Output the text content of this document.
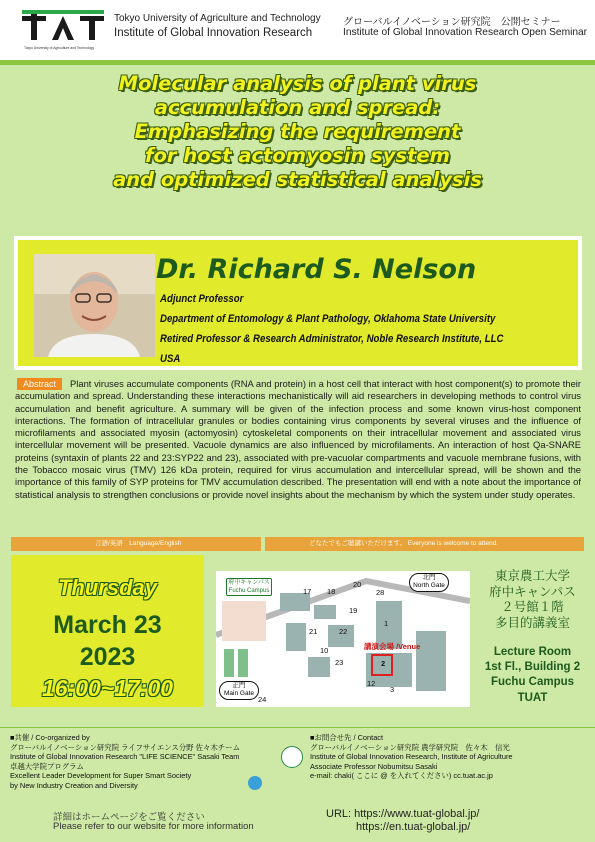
Tokyo University of Agriculture and Technology
Tokyo University of Agriculture and Technology
Institute of Global Innovation Research
グローバルイノベーション研究院　公開セミナー
Institute of Global Innovation Research Open Seminar
Molecular analysis of plant virus
accumulation and spread:
Emphasizing the requirement
for host actomyosin system
and optimized statistical analysis
Dr. Richard S. Nelson
Adjunct Professor
Department of Entomology & Plant Pathology, Oklahoma State University
Retired Professor & Research Administrator, Noble Research Institute, LLC
USA
Abstract Plant viruses accumulate components (RNA and protein) in a host cell that interact with host component(s) to promote their accumulation and spread. Understanding these interactions mechanistically will aid researchers in developing methods to control virus accumulation and benefit agriculture. A summary will be given of the infection process and some known virus-host component interactions. The formation of intracellular granules or bodies containing virus components by several viruses and the influence of microfilaments and associated myosin (actomyosin) cytoskeletal components on their intracellular movement and associated virus intercellular movement will be presented. Vacuole dynamics are also influenced by microfilaments. An interaction of host Qa-SNARE proteins (syntaxin of plants 22 and 23:SYP22 and 23), associated with pre-vacuolar compartments and vacuole membrane fusions, with the Tobacco mosaic virus (TMV) 126 kDa protein, required for virus accumulation and intercellular spread, will be shown and the importance of this family of SYP proteins for TMV accumulation described. The presentation will end with a note about the importance of statistical analysis to strengthen conclusions or provide novel insights about the mechanism by which the system under study operates.
言語/英語　Language/English	どなたでもご聴講いただけます。 Everyone is welcome to attend.
Thursday
March 23
2023
16:00~17:00
府中キャンパス
Fuchu Campus
北門
North Gate
正門
Main Gate
講演会場 /Venue
17 18
20
28
19
1
21	22
2
10
23
12
3
24
東京農工大学
府中キャンパス
２号館１階
多目的講義室
Lecture Room
1st Fl., Building 2
Fuchu Campus
TUAT
■共催 / Co-organized by
グローバルイノベーション研究院 ライフサイエンス分野 佐々木チーム
Institute of Global Innovation Research "LIFE SCIENCE" Sasaki Team
卓越大学院プログラム
Excellent Leader Development for Super Smart Society
by New Industry Creation and Diversity
■お問合せ先 / Contact
グローバルイノベーション研究院 農学研究院　佐々木　信光
Institute of Global Innovation Research, Institute of Agriculture
Associate Professor Nobumitsu Sasaki
e-mail: chaki( ここに @ を入れてください) cc.tuat.ac.jp
詳細はホームページをご覧ください
Please refer to our website for more information
URL: https://www.tuat-global.jp/
https://en.tuat-global.jp/
